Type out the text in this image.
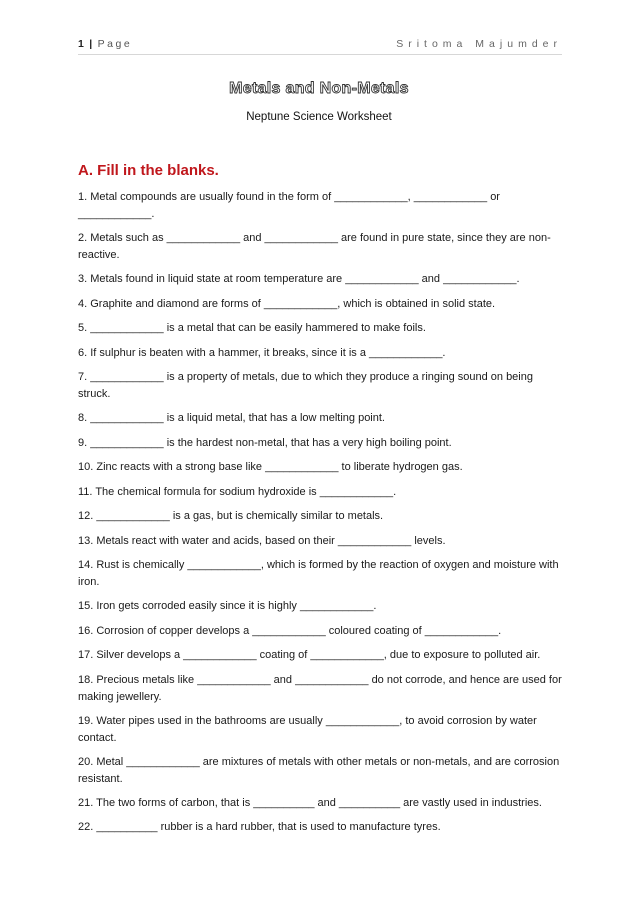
1 | Page	Sritoma Majumder
Metals and Non-Metals
Neptune Science Worksheet
A. Fill in the blanks.

1. Metal compounds are usually found in the form of ____________, ____________ or ____________.

2. Metals such as ____________ and ____________ are found in pure state, since they are non-reactive.

3. Metals found in liquid state at room temperature are ____________ and ____________.

4. Graphite and diamond are forms of ____________, which is obtained in solid state.

5. ____________ is a metal that can be easily hammered to make foils.

6. If sulphur is beaten with a hammer, it breaks, since it is a ____________.

7. ____________ is a property of metals, due to which they produce a ringing sound on being struck.

8. ____________ is a liquid metal, that has a low melting point.

9. ____________ is the hardest non-metal, that has a very high boiling point.

10. Zinc reacts with a strong base like ____________ to liberate hydrogen gas.

11. The chemical formula for sodium hydroxide is ____________.

12. ____________ is a gas, but is chemically similar to metals.

13. Metals react with water and acids, based on their ____________ levels.

14. Rust is chemically ____________, which is formed by the reaction of oxygen and moisture with iron.

15. Iron gets corroded easily since it is highly ____________.

16. Corrosion of copper develops a ____________ coloured coating of ____________.

17. Silver develops a ____________ coating of ____________, due to exposure to polluted air.

18. Precious metals like ____________ and ____________ do not corrode, and hence are used for making jewellery.

19. Water pipes used in the bathrooms are usually ____________, to avoid corrosion by water contact.

20. Metal ____________ are mixtures of metals with other metals or non-metals, and are corrosion resistant.

21. The two forms of carbon, that is __________ and __________ are vastly used in industries.

22. __________ rubber is a hard rubber, that is used to manufacture tyres.
